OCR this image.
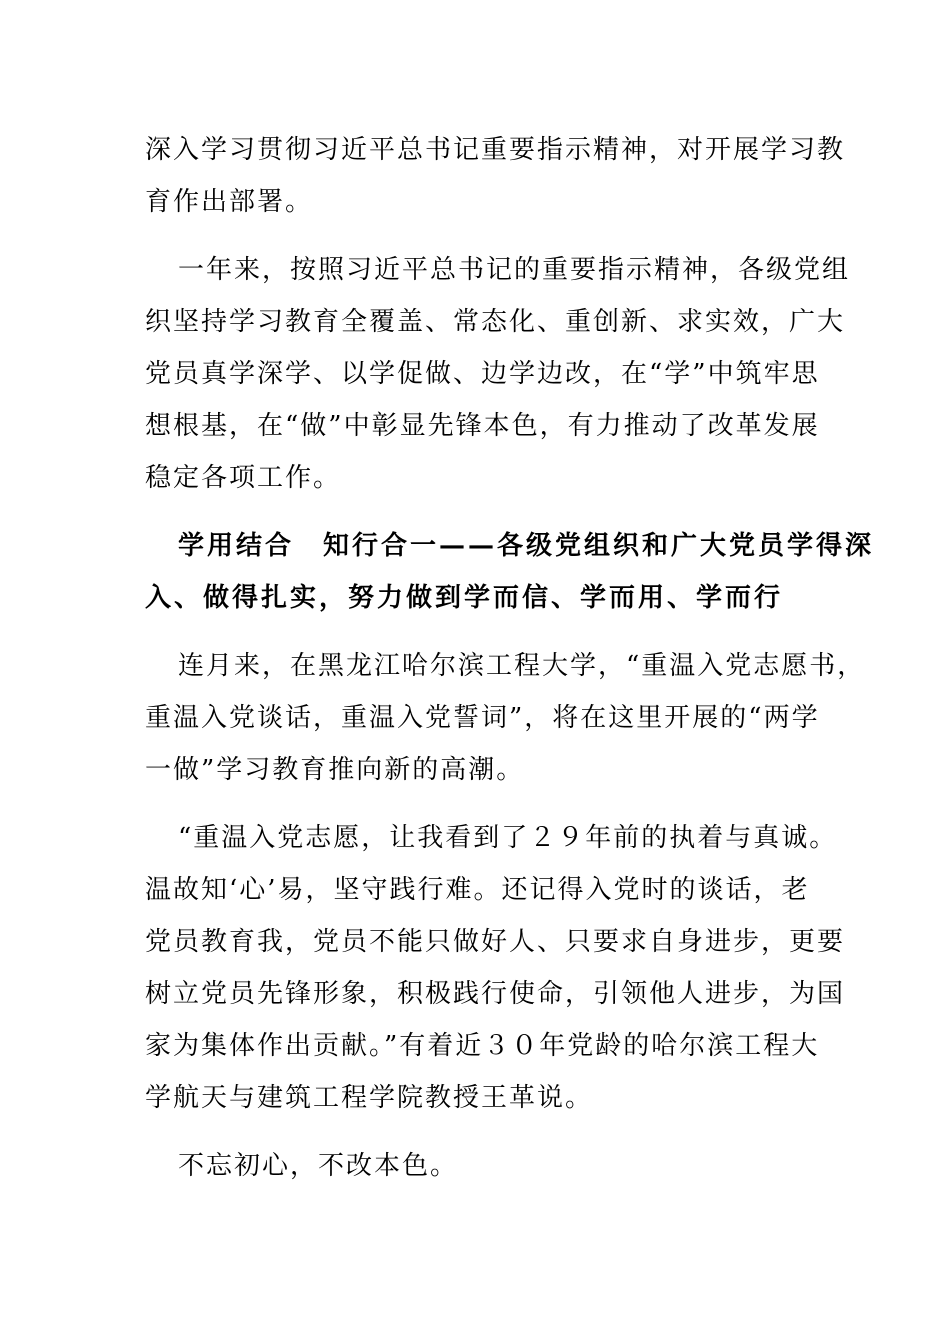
深入学习贯彻习近平总书记重要指示精神，对开展学习教
育作出部署。

一年来，按照习近平总书记的重要指示精神，各级党组
织坚持学习教育全覆盖、常态化、重创新、求实效，广大
党员真学深学、以学促做、边学边改，在“学”中筑牢思
想根基，在“做”中彰显先锋本色，有力推动了改革发展
稳定各项工作。

学用结合　知行合一——各级党组织和广大党员学得深
入、做得扎实，努力做到学而信、学而用、学而行

连月来，在黑龙江哈尔滨工程大学，“重温入党志愿书，
重温入党谈话，重温入党誓词”，将在这里开展的“两学
一做”学习教育推向新的高潮。

“重温入党志愿，让我看到了２９年前的执着与真诚。
温故知‘心’易，坚守践行难。还记得入党时的谈话，老
党员教育我，党员不能只做好人、只要求自身进步，更要
树立党员先锋形象，积极践行使命，引领他人进步，为国
家为集体作出贡献。”有着近３０年党龄的哈尔滨工程大
学航天与建筑工程学院教授王革说。

不忘初心，不改本色。
